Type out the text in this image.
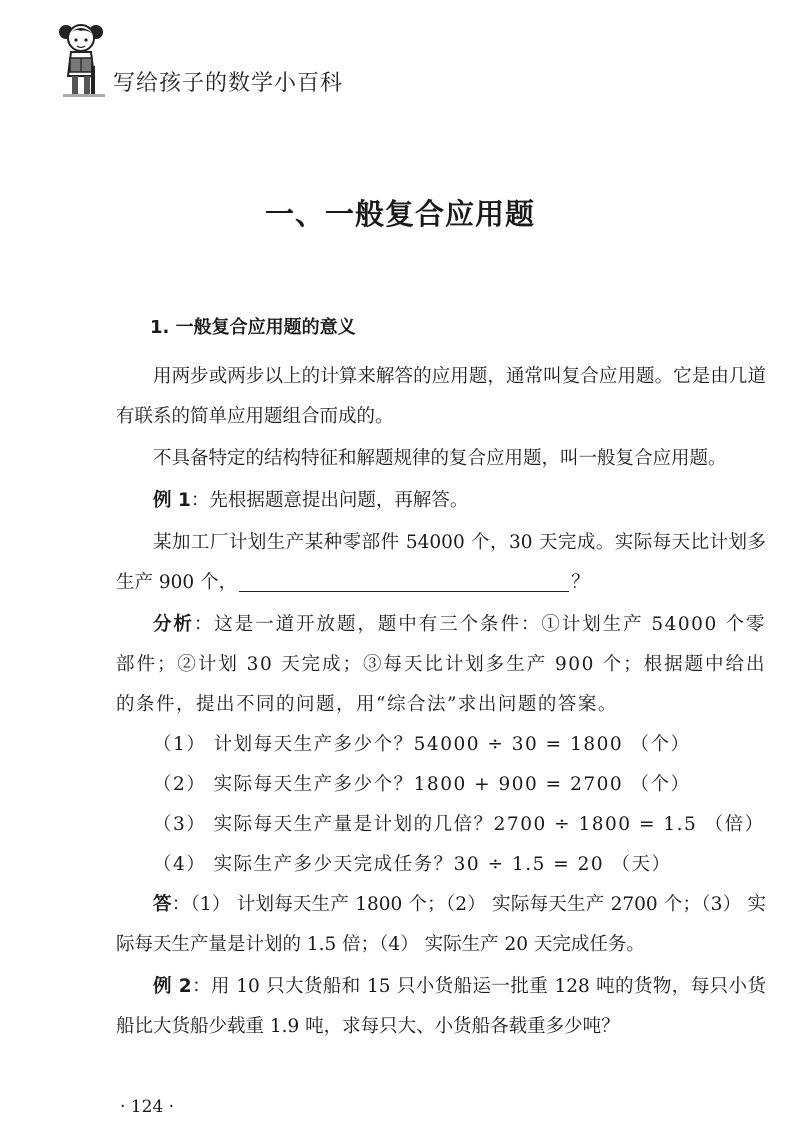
写给孩子的数学小百科
一、一般复合应用题
1. 一般复合应用题的意义

用两步或两步以上的计算来解答的应用题，通常叫复合应用题。它是由几道有联系的简单应用题组合而成的。

不具备特定的结构特征和解题规律的复合应用题，叫一般复合应用题。

例 1：先根据题意提出问题，再解答。

某加工厂计划生产某种零部件 54000 个，30 天完成。实际每天比计划多生产 900 个，	？

分析：这是一道开放题，题中有三个条件：①计划生产 54000 个零部件；②计划 30 天完成；③每天比计划多生产 900 个；根据题中给出的条件，提出不同的问题，用“综合法”求出问题的答案。

（1） 计划每天生产多少个？54000 ÷ 30 = 1800 （个）

（2） 实际每天生产多少个？1800 + 900 = 2700 （个）

（3） 实际每天生产量是计划的几倍？2700 ÷ 1800 = 1.5 （倍）

（4） 实际生产多少天完成任务？30 ÷ 1.5 = 20 （天）

答：（1） 计划每天生产 1800 个；（2） 实际每天生产 2700 个；（3） 实际每天生产量是计划的 1.5 倍；（4） 实际生产 20 天完成任务。

例 2：用 10 只大货船和 15 只小货船运一批重 128 吨的货物，每只小货船比大货船少载重 1.9 吨，求每只大、小货船各载重多少吨？

· 124 ·
